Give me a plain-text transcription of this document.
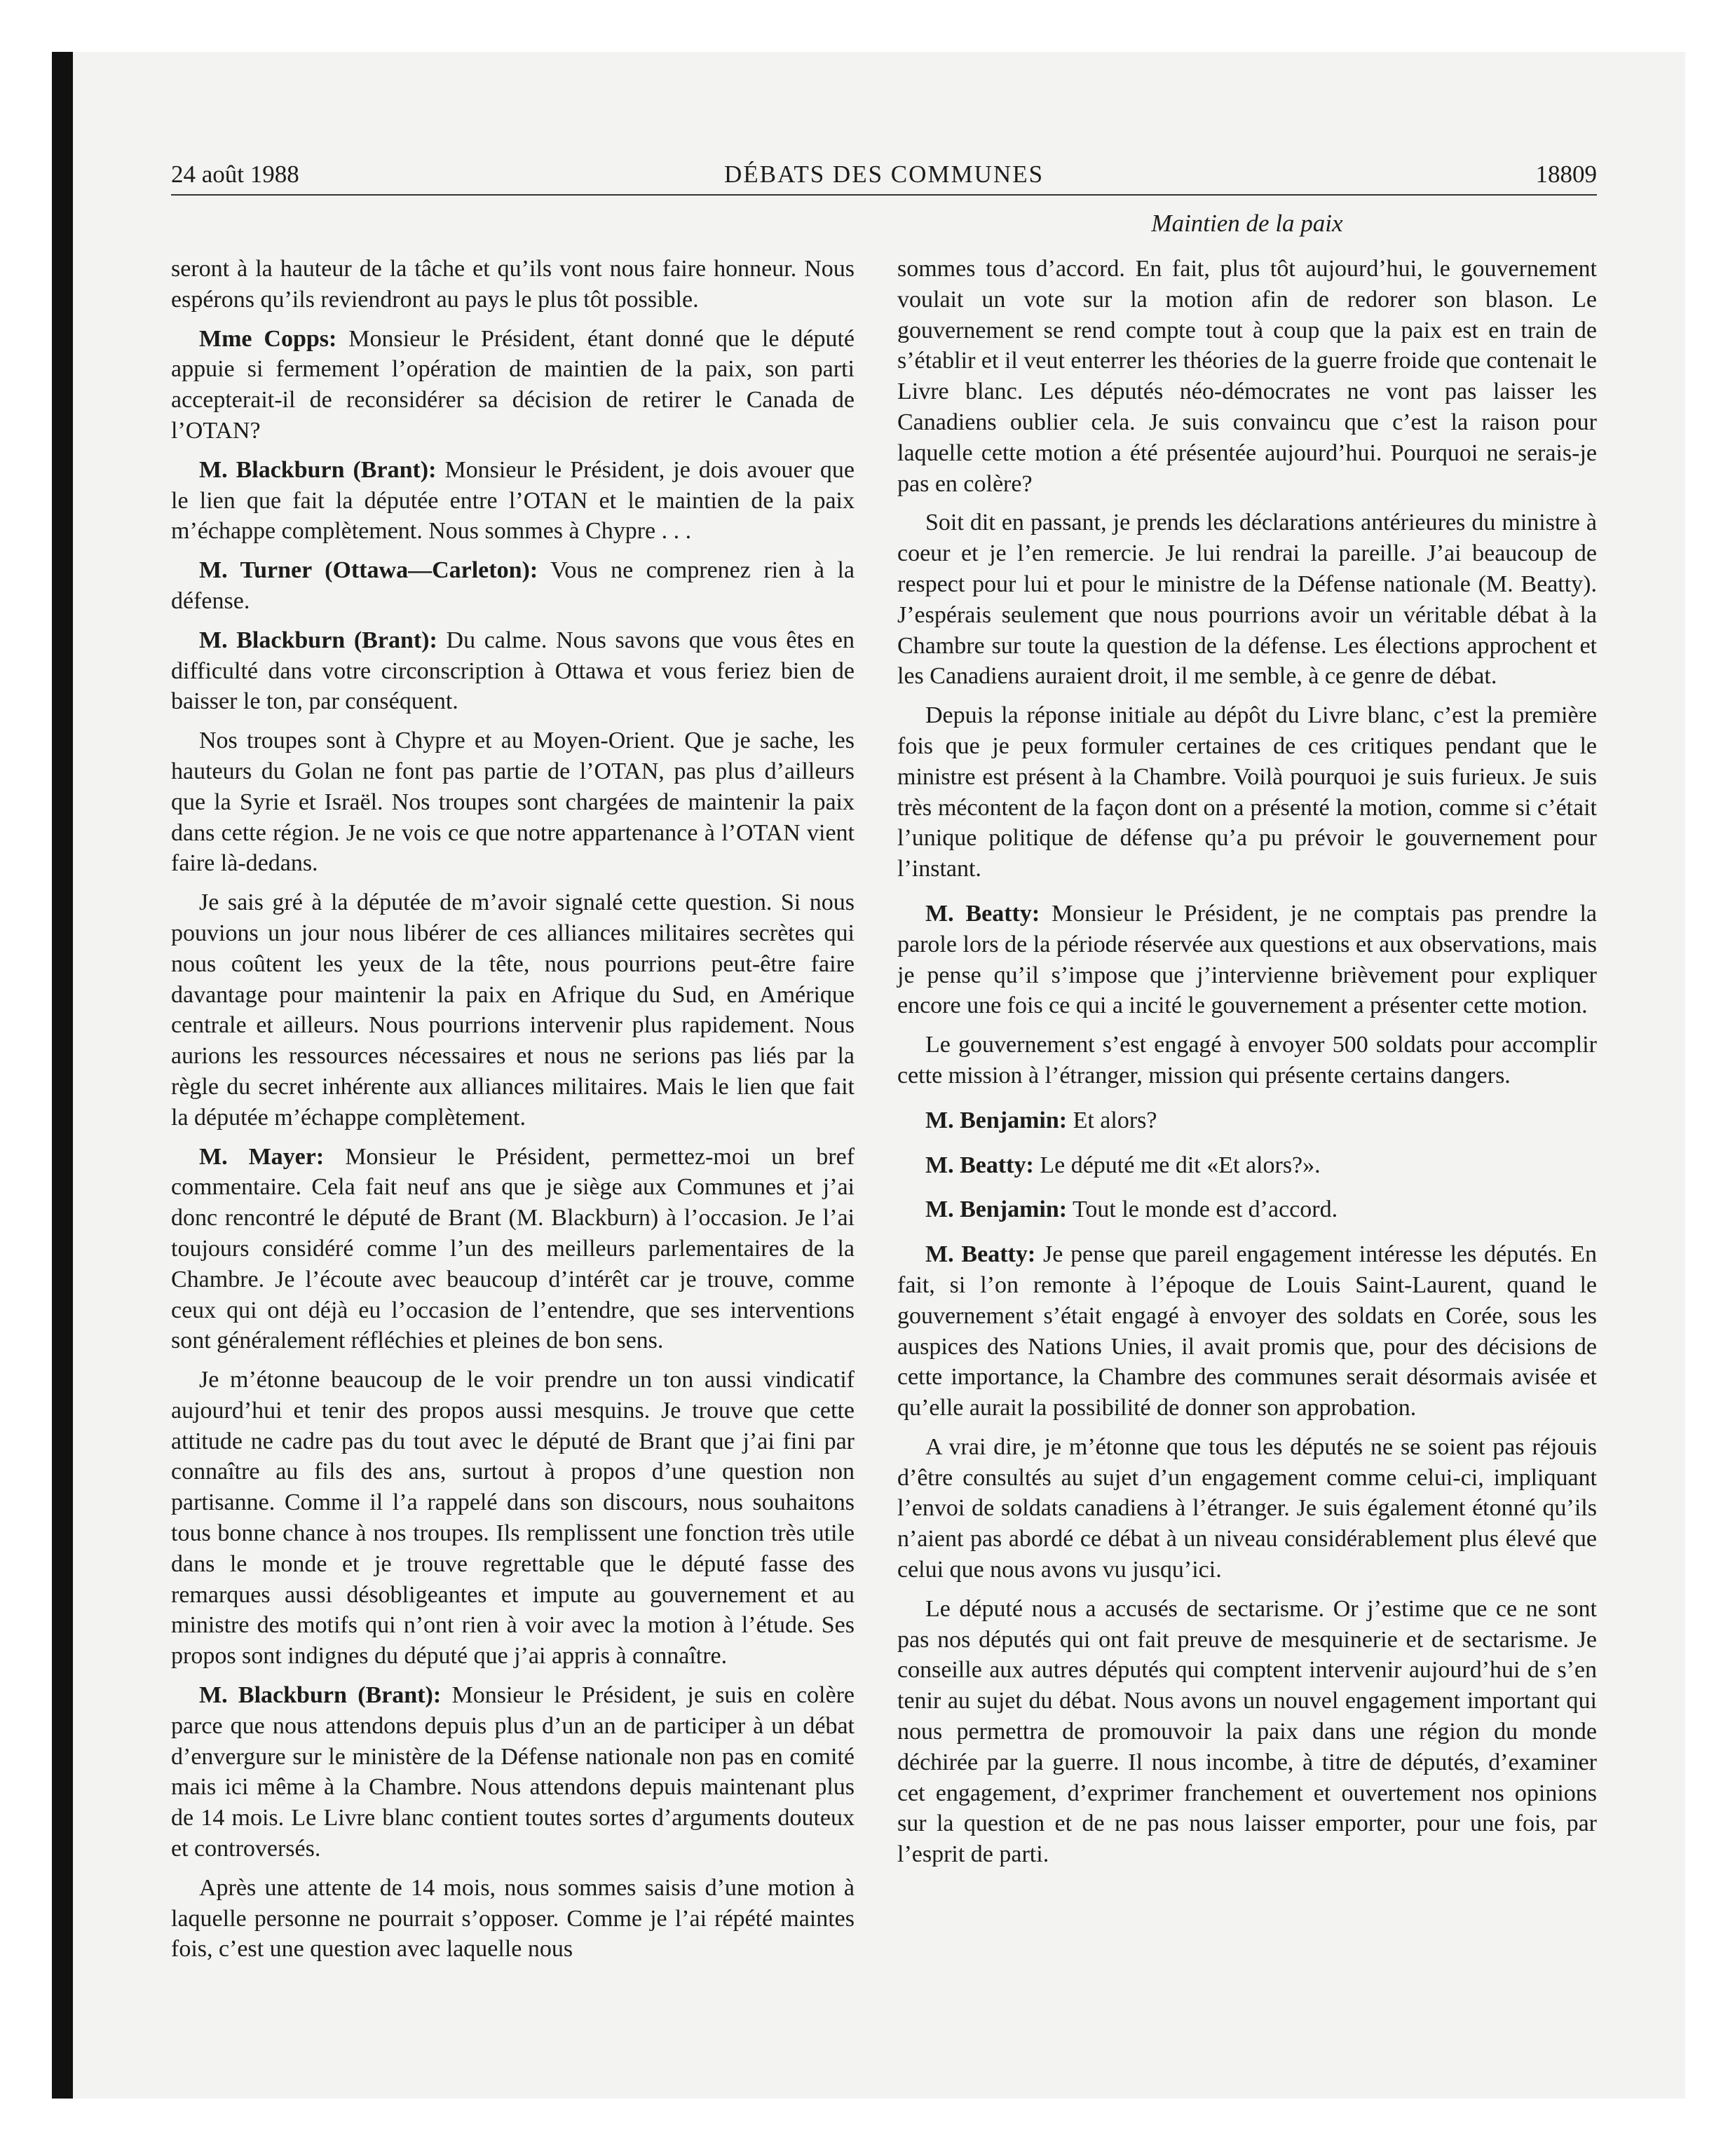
24 août 1988	DÉBATS DES COMMUNES	18809
Maintien de la paix

seront à la hauteur de la tâche et qu’ils vont nous faire honneur. Nous espérons qu’ils reviendront au pays le plus tôt possible.

Mme Copps: Monsieur le Président, étant donné que le député appuie si fermement l’opération de maintien de la paix, son parti accepterait-il de reconsidérer sa décision de retirer le Canada de l’OTAN?

M. Blackburn (Brant): Monsieur le Président, je dois avouer que le lien que fait la députée entre l’OTAN et le maintien de la paix m’échappe complètement. Nous sommes à Chypre . . .

M. Turner (Ottawa—Carleton): Vous ne comprenez rien à la défense.

M. Blackburn (Brant): Du calme. Nous savons que vous êtes en difficulté dans votre circonscription à Ottawa et vous feriez bien de baisser le ton, par conséquent.

Nos troupes sont à Chypre et au Moyen-Orient. Que je sache, les hauteurs du Golan ne font pas partie de l’OTAN, pas plus d’ailleurs que la Syrie et Israël. Nos troupes sont chargées de maintenir la paix dans cette région. Je ne vois ce que notre appartenance à l’OTAN vient faire là-dedans.

Je sais gré à la députée de m’avoir signalé cette question. Si nous pouvions un jour nous libérer de ces alliances militaires secrètes qui nous coûtent les yeux de la tête, nous pourrions peut-être faire davantage pour maintenir la paix en Afrique du Sud, en Amérique centrale et ailleurs. Nous pourrions intervenir plus rapidement. Nous aurions les ressources nécessaires et nous ne serions pas liés par la règle du secret inhérente aux alliances militaires. Mais le lien que fait la députée m’échappe complètement.

M. Mayer: Monsieur le Président, permettez-moi un bref commentaire. Cela fait neuf ans que je siège aux Communes et j’ai donc rencontré le député de Brant (M. Blackburn) à l’occasion. Je l’ai toujours considéré comme l’un des meilleurs parlementaires de la Chambre. Je l’écoute avec beaucoup d’intérêt car je trouve, comme ceux qui ont déjà eu l’occasion de l’entendre, que ses interventions sont généralement réfléchies et pleines de bon sens.

Je m’étonne beaucoup de le voir prendre un ton aussi vindicatif aujourd’hui et tenir des propos aussi mesquins. Je trouve que cette attitude ne cadre pas du tout avec le député de Brant que j’ai fini par connaître au fils des ans, surtout à propos d’une question non partisanne. Comme il l’a rappelé dans son discours, nous souhaitons tous bonne chance à nos troupes. Ils remplissent une fonction très utile dans le monde et je trouve regrettable que le député fasse des remarques aussi désobligeantes et impute au gouvernement et au ministre des motifs qui n’ont rien à voir avec la motion à l’étude. Ses propos sont indignes du député que j’ai appris à connaître.

M. Blackburn (Brant): Monsieur le Président, je suis en colère parce que nous attendons depuis plus d’un an de participer à un débat d’envergure sur le ministère de la Défense nationale non pas en comité mais ici même à la Chambre. Nous attendons depuis maintenant plus de 14 mois. Le Livre blanc contient toutes sortes d’arguments douteux et controversés.

Après une attente de 14 mois, nous sommes saisis d’une motion à laquelle personne ne pourrait s’opposer. Comme je l’ai répété maintes fois, c’est une question avec laquelle nous

sommes tous d’accord. En fait, plus tôt aujourd’hui, le gouvernement voulait un vote sur la motion afin de redorer son blason. Le gouvernement se rend compte tout à coup que la paix est en train de s’établir et il veut enterrer les théories de la guerre froide que contenait le Livre blanc. Les députés néo-démocrates ne vont pas laisser les Canadiens oublier cela. Je suis convaincu que c’est la raison pour laquelle cette motion a été présentée aujourd’hui. Pourquoi ne serais-je pas en colère?

Soit dit en passant, je prends les déclarations antérieures du ministre à coeur et je l’en remercie. Je lui rendrai la pareille. J’ai beaucoup de respect pour lui et pour le ministre de la Défense nationale (M. Beatty). J’espérais seulement que nous pourrions avoir un véritable débat à la Chambre sur toute la question de la défense. Les élections approchent et les Canadiens auraient droit, il me semble, à ce genre de débat.

Depuis la réponse initiale au dépôt du Livre blanc, c’est la première fois que je peux formuler certaines de ces critiques pendant que le ministre est présent à la Chambre. Voilà pourquoi je suis furieux. Je suis très mécontent de la façon dont on a présenté la motion, comme si c’était l’unique politique de défense qu’a pu prévoir le gouvernement pour l’instant.

M. Beatty: Monsieur le Président, je ne comptais pas prendre la parole lors de la période réservée aux questions et aux observations, mais je pense qu’il s’impose que j’intervienne brièvement pour expliquer encore une fois ce qui a incité le gouvernement a présenter cette motion.

Le gouvernement s’est engagé à envoyer 500 soldats pour accomplir cette mission à l’étranger, mission qui présente certains dangers.

M. Benjamin: Et alors?

M. Beatty: Le député me dit «Et alors?».

M. Benjamin: Tout le monde est d’accord.

M. Beatty: Je pense que pareil engagement intéresse les députés. En fait, si l’on remonte à l’époque de Louis Saint-Laurent, quand le gouvernement s’était engagé à envoyer des soldats en Corée, sous les auspices des Nations Unies, il avait promis que, pour des décisions de cette importance, la Chambre des communes serait désormais avisée et qu’elle aurait la possibilité de donner son approbation.

A vrai dire, je m’étonne que tous les députés ne se soient pas réjouis d’être consultés au sujet d’un engagement comme celui-ci, impliquant l’envoi de soldats canadiens à l’étranger. Je suis également étonné qu’ils n’aient pas abordé ce débat à un niveau considérablement plus élevé que celui que nous avons vu jusqu’ici.

Le député nous a accusés de sectarisme. Or j’estime que ce ne sont pas nos députés qui ont fait preuve de mesquinerie et de sectarisme. Je conseille aux autres députés qui comptent intervenir aujourd’hui de s’en tenir au sujet du débat. Nous avons un nouvel engagement important qui nous permettra de promouvoir la paix dans une région du monde déchirée par la guerre. Il nous incombe, à titre de députés, d’examiner cet engagement, d’exprimer franchement et ouvertement nos opinions sur la question et de ne pas nous laisser emporter, pour une fois, par l’esprit de parti.
